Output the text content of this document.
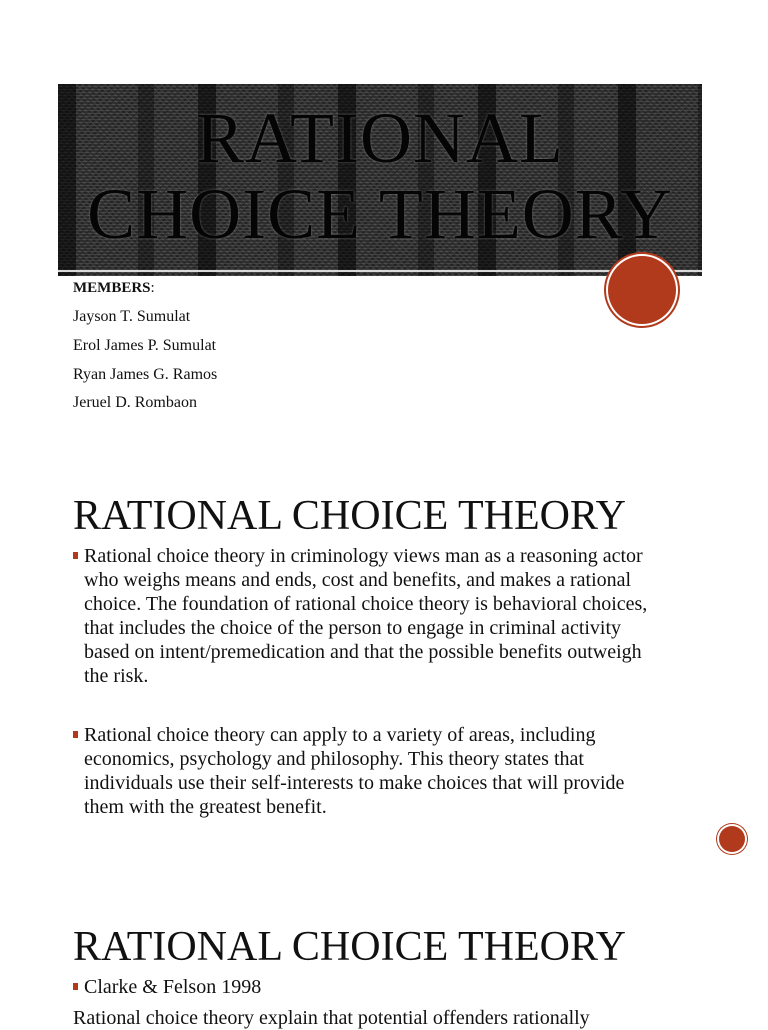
RATIONAL
CHOICE THEORY
MEMBERS:
Jayson T. Sumulat
Erol James P. Sumulat
Ryan James G. Ramos
Jeruel D. Rombaon
RATIONAL CHOICE THEORY
Rational choice theory in criminology views man as a reasoning actor who weighs means and ends, cost and benefits, and makes a rational choice. The foundation of rational choice theory is behavioral choices, that includes the choice of the person to engage in criminal activity based on intent/premedication and that the possible benefits outweigh the risk.
Rational choice theory can apply to a variety of areas, including economics, psychology and philosophy. This theory states that individuals use their self-interests to make choices that will provide them with the greatest benefit.
RATIONAL CHOICE THEORY
Clarke & Felson 1998
Rational choice theory explain that potential offenders rationally
